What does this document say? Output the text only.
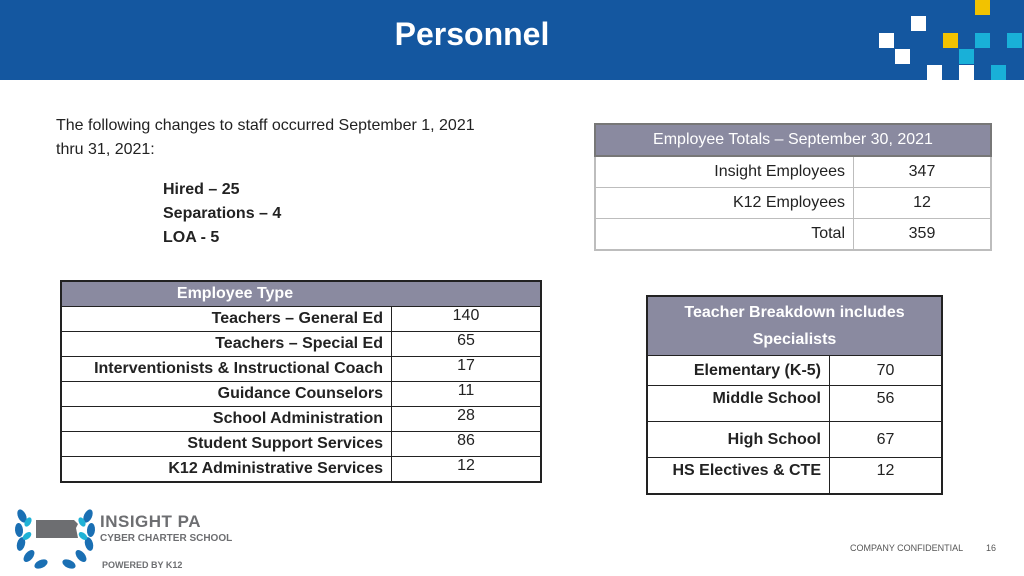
Personnel
The following changes to staff occurred September 1, 2021 thru 31, 2021:
Hired – 25
Separations – 4
LOA - 5
Employee Totals – September 30, 2021	
Insight Employees	347
K12 Employees	12
Total	359
Employee Type	
Teachers – General Ed	140
Teachers – Special Ed	65
Interventionists & Instructional Coach	17
Guidance Counselors	11
School Administration	28
Student Support Services	86
K12 Administrative Services	12
Teacher Breakdown includes Specialists	
Elementary (K-5)	70
Middle School	56
High School	67
HS Electives & CTE	12
INSIGHT PA
CYBER CHARTER SCHOOL
POWERED BY K12
COMPANY CONFIDENTIAL	16
